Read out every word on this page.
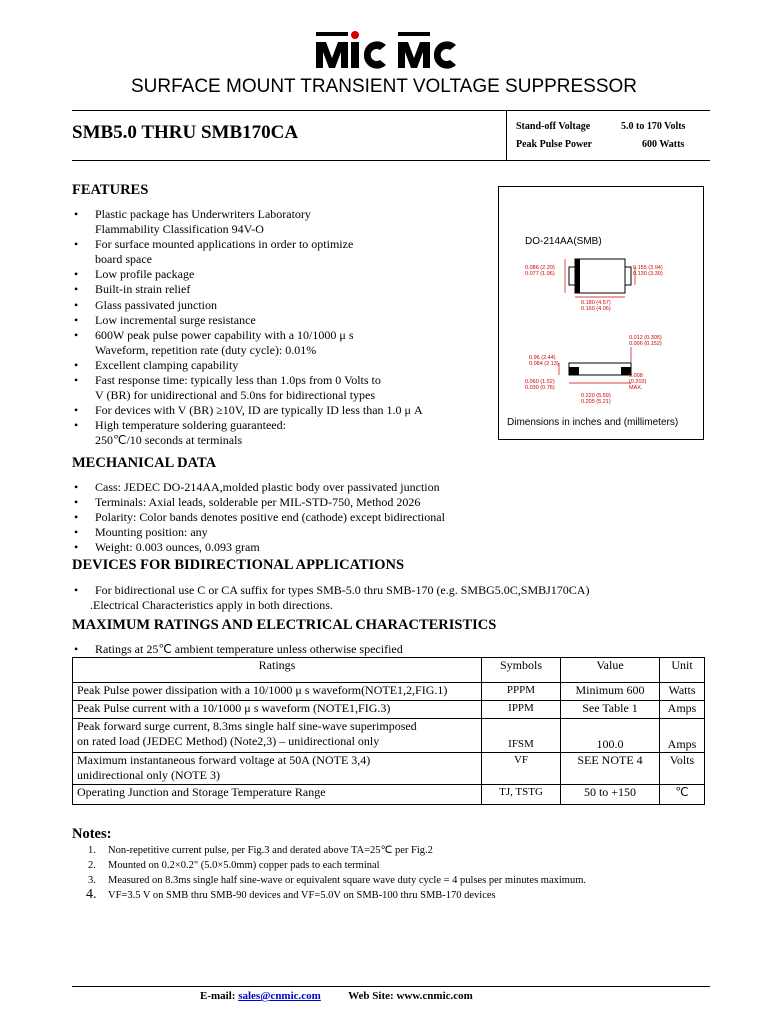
SURFACE MOUNT TRANSIENT VOLTAGE SUPPRESSOR
SMB5.0 THRU SMB170CA	Stand-off Voltage	5.0 to 170 Volts
Peak Pulse Power	600 Watts
FEATURES
• Plastic package has Underwriters Laboratory
Flammability Classification 94V-O
• For surface mounted applications in order to optimize
board space
• Low profile package
• Built-in strain relief
• Glass passivated junction
• Low incremental surge resistance
• 600W peak pulse power capability with a 10/1000 μ s
Waveform, repetition rate (duty cycle): 0.01%
• Excellent clamping capability
• Fast response time: typically less than 1.0ps from 0 Volts to
V (BR) for unidirectional and 5.0ns for bidirectional types
• For devices with V (BR) ≥10V, ID are typically ID less than 1.0 μ A
• High temperature soldering guaranteed:
250℃/10 seconds at terminals
DO-214AA(SMB)
0.086 (2.20)
0.077 (1.96)
0.155 (3.94)
0.130 (3.30)
0.180 (4.57)
0.160 (4.06)
0.012 (0.305)
0.006 (0.152)
0.96 (2.44)
0.084 (2.13)
0.060 (1.52)
0.030 (0.76)
0.008
(0.203)
MAX.
0.220 (5.59)
0.205 (5.21)
Dimensions in inches and (millimeters)
MECHANICAL DATA
• Cass: JEDEC DO-214AA,molded plastic body over passivated junction
• Terminals: Axial leads, solderable per MIL-STD-750, Method 2026
• Polarity: Color bands denotes positive end (cathode) except bidirectional
• Mounting position: any
• Weight: 0.003 ounces, 0.093 gram
DEVICES FOR BIDIRECTIONAL APPLICATIONS
• For bidirectional use C or CA suffix for types SMB-5.0 thru SMB-170 (e.g. SMBG5.0C,SMBJ170CA)
.Electrical Characteristics apply in both directions.
MAXIMUM RATINGS AND ELECTRICAL CHARACTERISTICS
• Ratings at 25℃ ambient temperature unless otherwise specified
Ratings	Symbols	Value	Unit
Peak Pulse power dissipation with a 10/1000 μ s waveform(NOTE1,2,FIG.1)	PPPM	Minimum 600	Watts
Peak Pulse current with a 10/1000 μ s waveform (NOTE1,FIG.3)	IPPM	See Table 1	Amps

Peak forward surge current, 8.3ms single half sine-wave superimposed
on rated load (JEDEC Method) (Note2,3) – unidirectional only	IFSM	100.0	Amps

Maximum instantaneous forward voltage at 50A (NOTE 3,4)
unidirectional only (NOTE 3)	VF	SEE NOTE 4	Volts
Operating Junction and Storage Temperature Range	TJ, TSTG	50 to +150	℃
Notes:
1. Non-repetitive current pulse, per Fig.3 and derated above TA=25℃ per Fig.2
2. Mounted on 0.2×0.2" (5.0×5.0mm) copper pads to each terminal
3. Measured on 8.3ms single half sine-wave or equivalent square wave duty cycle = 4 pulses per minutes maximum.
4. VF=3.5 V on SMB thru SMB-90 devices and VF=5.0V on SMB-100 thru SMB-170 devices
E-mail: sales@cnmic.com Web Site: www.cnmic.com
